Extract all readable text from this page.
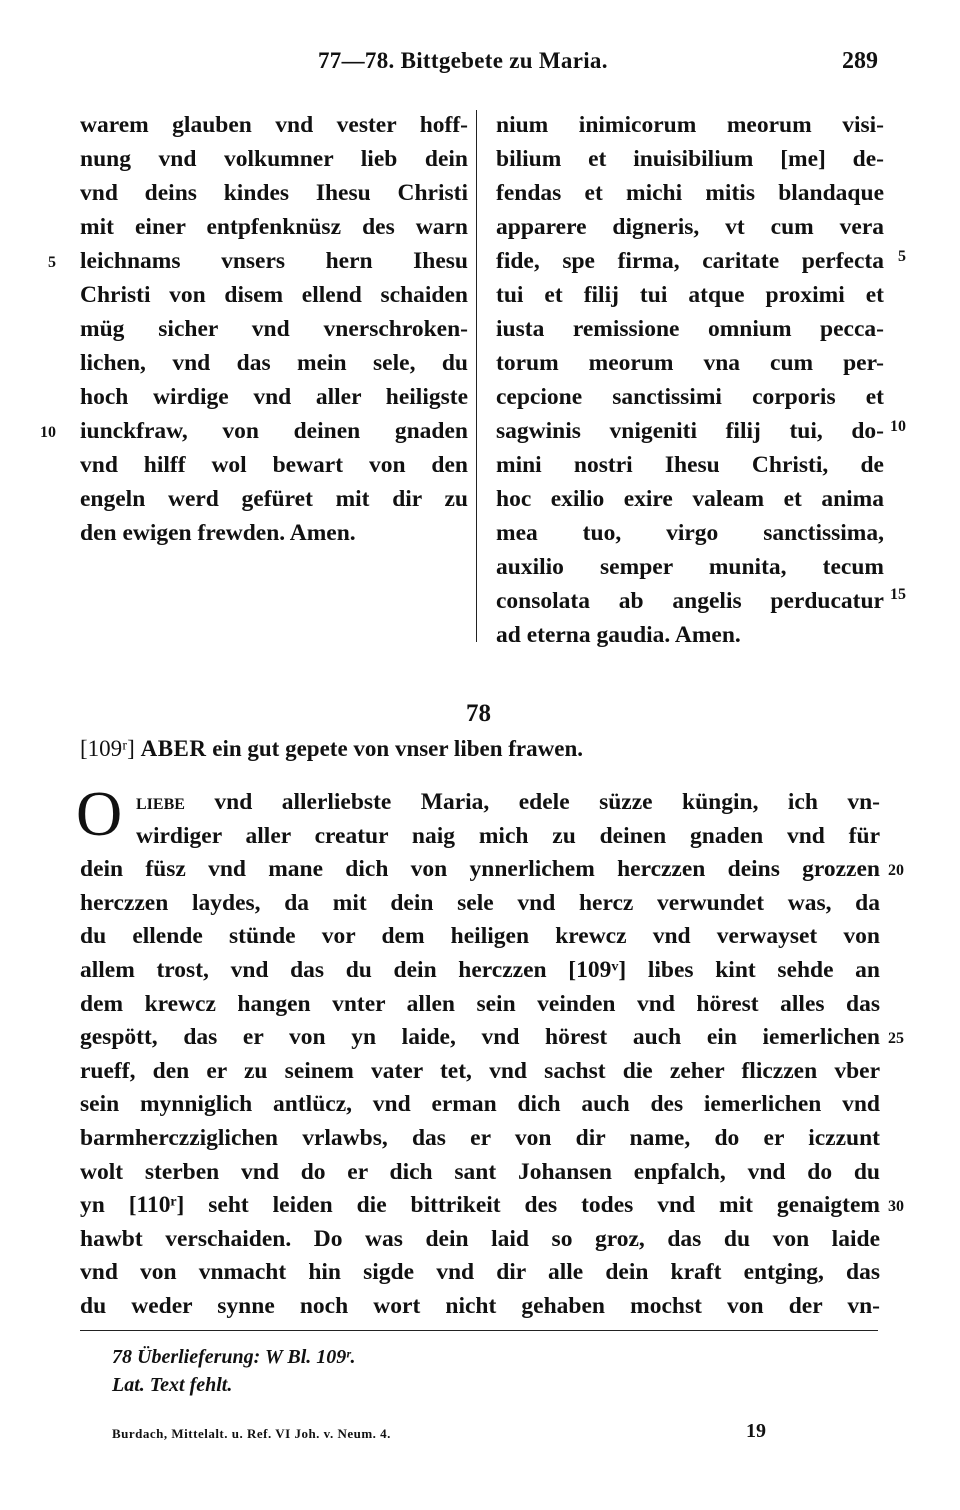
77—78. Bittgebete zu Maria.	289
warem glauben vnd vester hoff-
nung vnd volkumner lieb dein
vnd deins kindes Ihesu Christi
mit einer entpfenknüsz des warn
leichnams vnsers hern Ihesu
Christi von disem ellend schaiden
müg sicher vnd vnerschroken-
lichen, vnd das mein sele, du
hoch wirdige vnd aller heiligste
iunckfraw, von deinen gnaden
vnd hilff wol bewart von den
engeln werd gefüret mit dir zu
den ewigen frewden. Amen.
5
10
nium inimicorum meorum visi-
bilium et inuisibilium [me] de-
fendas et michi mitis blandaque
apparere digneris, vt cum vera
fide, spe firma, caritate perfecta
tui et filij tui atque proximi et
iusta remissione omnium pecca-
torum meorum vna cum per-
cepcione sanctissimi corporis et
sagwinis vnigeniti filij tui, do-
mini nostri Ihesu Christi, de
hoc exilio exire valeam et anima
mea tuo, virgo sanctissima,
auxilio semper munita, tecum
consolata ab angelis perducatur
ad eterna gaudia. Amen.
5
10
15
78
[109ʳ] ABER ein gut gepete von vnser liben frawen.
O liebe vnd allerliebste Maria, edele süzze küngin, ich vn-
wirdiger aller creatur naig mich zu deinen gnaden vnd für
dein füsz vnd mane dich von ynnerlichem herczzen deins grozzen
herczzen laydes, da mit dein sele vnd hercz verwundet was, da
du ellende stünde vor dem heiligen krewcz vnd verwayset von
allem trost, vnd das du dein herczzen [109ᵛ] libes kint sehde an
dem krewcz hangen vnter allen sein veinden vnd hörest alles das
gespött, das er von yn laide, vnd hörest auch ein iemerlichen
rueff, den er zu seinem vater tet, vnd sachst die zeher fliczzen vber
sein mynniglich antlücz, vnd erman dich auch des iemerlichen vnd
barmherczziglichen vrlawbs, das er von dir name, do er iczzunt
wolt sterben vnd do er dich sant Johansen enpfalch, vnd do du
yn [110ʳ] seht leiden die bittrikeit des todes vnd mit genaigtem
hawbt verschaiden. Do was dein laid so groz, das du von laide
vnd von vnmacht hin sigde vnd dir alle dein kraft entging, das
du weder synne noch wort nicht gehaben mochst von der vn-
20
25
30
78 Überlieferung: W Bl. 109ʳ.
Lat. Text fehlt.
Burdach, Mittelalt. u. Ref. VI Joh. v. Neum. 4.	19
